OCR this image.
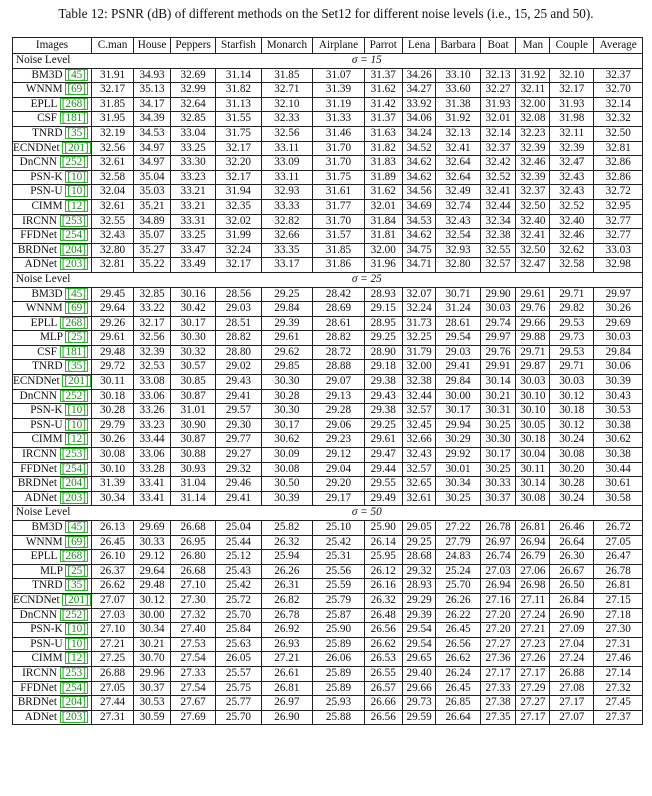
Table 12: PSNR (dB) of different methods on the Set12 for different noise levels (i.e., 15, 25 and 50).
Images	C.man	House	Peppers	Starfish	Monarch	Airplane	Parrot	Lena	Barbara	Boat	Man	Couple	Average
Noise Level	σ = 15												
BM3D [45]	31.91	34.93	32.69	31.14	31.85	31.07	31.37	34.26	33.10	32.13	31.92	32.10	32.37
WNNM [69]	32.17	35.13	32.99	31.82	32.71	31.39	31.62	34.27	33.60	32.27	32.11	32.17	32.70
EPLL [268]	31.85	34.17	32.64	31.13	32.10	31.19	31.42	33.92	31.38	31.93	32.00	31.93	32.14
CSF [181]	31.95	34.39	32.85	31.55	32.33	31.33	31.37	34.06	31.92	32.01	32.08	31.98	32.32
TNRD [35]	32.19	34.53	33.04	31.75	32.56	31.46	31.63	34.24	32.13	32.14	32.23	32.11	32.50
ECNDNet [201]	32.56	34.97	33.25	32.17	33.11	31.70	31.82	34.52	32.41	32.37	32.39	32.39	32.81
DnCNN [252]	32.61	34.97	33.30	32.20	33.09	31.70	31.83	34.62	32.64	32.42	32.46	32.47	32.86
PSN-K [10]	32.58	35.04	33.23	32.17	33.11	31.75	31.89	34.62	32.64	32.52	32.39	32.43	32.86
PSN-U [10]	32.04	35.03	33.21	31.94	32.93	31.61	31.62	34.56	32.49	32.41	32.37	32.43	32.72
CIMM [12]	32.61	35.21	33.21	32.35	33.33	31.77	32.01	34.69	32.74	32.44	32.50	32.52	32.95
IRCNN [253]	32.55	34.89	33.31	32.02	32.82	31.70	31.84	34.53	32.43	32.34	32.40	32.40	32.77
FFDNet [254]	32.43	35.07	33.25	31.99	32.66	31.57	31.81	34.62	32.54	32.38	32.41	32.46	32.77
BRDNet [204]	32.80	35.27	33.47	32.24	33.35	31.85	32.00	34.75	32.93	32.55	32.50	32.62	33.03
ADNet [203]	32.81	35.22	33.49	32.17	33.17	31.86	31.96	34.71	32.80	32.57	32.47	32.58	32.98
Noise Level	σ = 25												
BM3D [45]	29.45	32.85	30.16	28.56	29.25	28.42	28.93	32.07	30.71	29.90	29.61	29.71	29.97
WNNM [69]	29.64	33.22	30.42	29.03	29.84	28.69	29.15	32.24	31.24	30.03	29.76	29.82	30.26
EPLL [268]	29.26	32.17	30.17	28.51	29.39	28.61	28.95	31.73	28.61	29.74	29.66	29.53	29.69
MLP [25]	29.61	32.56	30.30	28.82	29.61	28.82	29.25	32.25	29.54	29.97	29.88	29.73	30.03
CSF [181]	29.48	32.39	30.32	28.80	29.62	28.72	28.90	31.79	29.03	29.76	29.71	29.53	29.84
TNRD [35]	29.72	32.53	30.57	29.02	29.85	28.88	29.18	32.00	29.41	29.91	29.87	29.71	30.06
ECNDNet [201]	30.11	33.08	30.85	29.43	30.30	29.07	29.38	32.38	29.84	30.14	30.03	30.03	30.39
DnCNN [252]	30.18	33.06	30.87	29.41	30.28	29.13	29.43	32.44	30.00	30.21	30.10	30.12	30.43
PSN-K [10]	30.28	33.26	31.01	29.57	30.30	29.28	29.38	32.57	30.17	30.31	30.10	30.18	30.53
PSN-U [10]	29.79	33.23	30.90	29.30	30.17	29.06	29.25	32.45	29.94	30.25	30.05	30.12	30.38
CIMM [12]	30.26	33.44	30.87	29.77	30.62	29.23	29.61	32.66	30.29	30.30	30.18	30.24	30.62
IRCNN [253]	30.08	33.06	30.88	29.27	30.09	29.12	29.47	32.43	29.92	30.17	30.04	30.08	30.38
FFDNet [254]	30.10	33.28	30.93	29.32	30.08	29.04	29.44	32.57	30.01	30.25	30.11	30.20	30.44
BRDNet [204]	31.39	33.41	31.04	29.46	30.50	29.20	29.55	32.65	30.34	30.33	30.14	30.28	30.61
ADNet [203]	30.34	33.41	31.14	29.41	30.39	29.17	29.49	32.61	30.25	30.37	30.08	30.24	30.58
Noise Level	σ = 50												
BM3D [45]	26.13	29.69	26.68	25.04	25.82	25.10	25.90	29.05	27.22	26.78	26.81	26.46	26.72
WNNM [69]	26.45	30.33	26.95	25.44	26.32	25.42	26.14	29.25	27.79	26.97	26.94	26.64	27.05
EPLL [268]	26.10	29.12	26.80	25.12	25.94	25.31	25.95	28.68	24.83	26.74	26.79	26.30	26.47
MLP [25]	26.37	29.64	26.68	25.43	26.26	25.56	26.12	29.32	25.24	27.03	27.06	26.67	26.78
TNRD [35]	26.62	29.48	27.10	25.42	26.31	25.59	26.16	28.93	25.70	26.94	26.98	26.50	26.81
ECNDNet [201]	27.07	30.12	27.30	25.72	26.82	25.79	26.32	29.29	26.26	27.16	27.11	26.84	27.15
DnCNN [252]	27.03	30.00	27.32	25.70	26.78	25.87	26.48	29.39	26.22	27.20	27.24	26.90	27.18
PSN-K [10]	27.10	30.34	27.40	25.84	26.92	25.90	26.56	29.54	26.45	27.20	27.21	27.09	27.30
PSN-U [10]	27.21	30.21	27.53	25.63	26.93	25.89	26.62	29.54	26.56	27.27	27.23	27.04	27.31
CIMM [12]	27.25	30.70	27.54	26.05	27.21	26.06	26.53	29.65	26.62	27.36	27.26	27.24	27.46
IRCNN [253]	26.88	29.96	27.33	25.57	26.61	25.89	26.55	29.40	26.24	27.17	27.17	26.88	27.14
FFDNet [254]	27.05	30.37	27.54	25.75	26.81	25.89	26.57	29.66	26.45	27.33	27.29	27.08	27.32
BRDNet [204]	27.44	30.53	27.67	25.77	26.97	25.93	26.66	29.73	26.85	27.38	27.27	27.17	27.45
ADNet [203]	27.31	30.59	27.69	25.70	26.90	25.88	26.56	29.59	26.64	27.35	27.17	27.07	27.37
